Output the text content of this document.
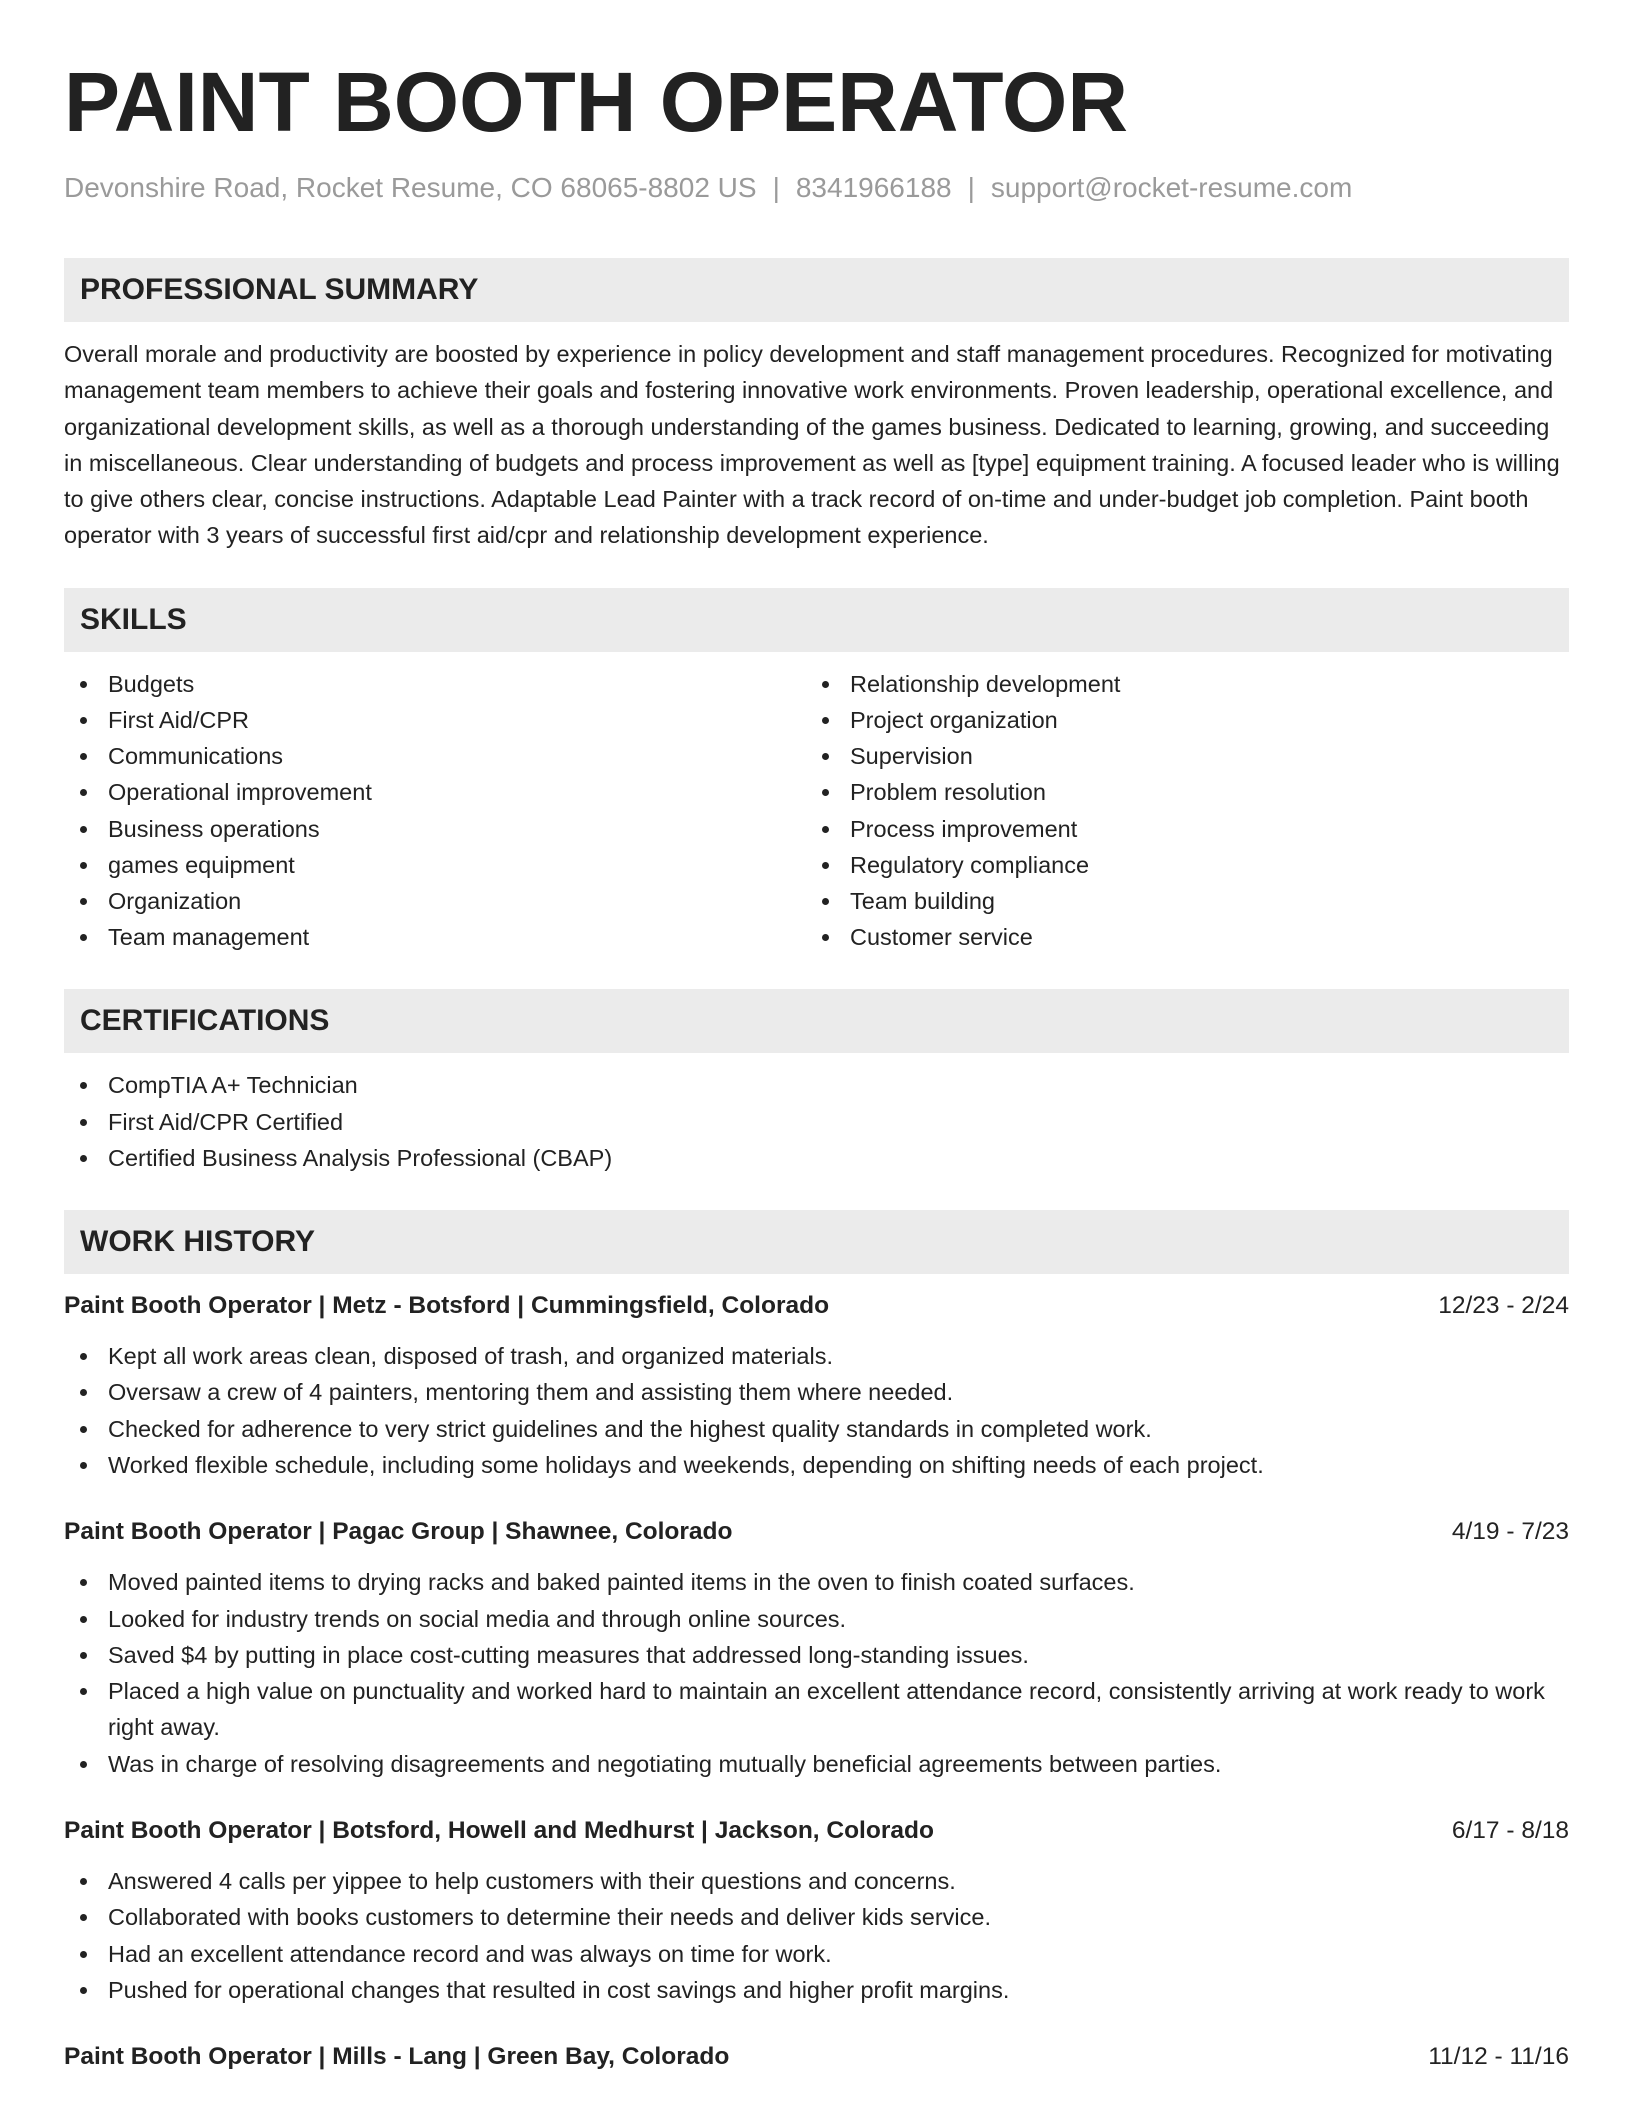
PAINT BOOTH OPERATOR
Devonshire Road, Rocket Resume, CO 68065-8802 US | 8341966188 | support@rocket-resume.com
PROFESSIONAL SUMMARY

Overall morale and productivity are boosted by experience in policy development and staff management procedures. Recognized for motivating management team members to achieve their goals and fostering innovative work environments. Proven leadership, operational excellence, and organizational development skills, as well as a thorough understanding of the games business. Dedicated to learning, growing, and succeeding in miscellaneous. Clear understanding of budgets and process improvement as well as [type] equipment training. A focused leader who is willing to give others clear, concise instructions. Adaptable Lead Painter with a track record of on-time and under-budget job completion. Paint booth operator with 3 years of successful first aid/cpr and relationship development experience.

SKILLS
Budgets
First Aid/CPR
Communications
Operational improvement
Business operations
games equipment
Organization
Team management
Relationship development
Project organization
Supervision
Problem resolution
Process improvement
Regulatory compliance
Team building
Customer service
CERTIFICATIONS
CompTIA A+ Technician
First Aid/CPR Certified
Certified Business Analysis Professional (CBAP)
WORK HISTORY
Paint Booth Operator | Metz - Botsford | Cummingsfield, Colorado	12/23 - 2/24
Kept all work areas clean, disposed of trash, and organized materials.
Oversaw a crew of 4 painters, mentoring them and assisting them where needed.
Checked for adherence to very strict guidelines and the highest quality standards in completed work.
Worked flexible schedule, including some holidays and weekends, depending on shifting needs of each project.
Paint Booth Operator | Pagac Group | Shawnee, Colorado	4/19 - 7/23
Moved painted items to drying racks and baked painted items in the oven to finish coated surfaces.
Looked for industry trends on social media and through online sources.
Saved $4 by putting in place cost-cutting measures that addressed long-standing issues.
Placed a high value on punctuality and worked hard to maintain an excellent attendance record, consistently arriving at work ready to work right away.
Was in charge of resolving disagreements and negotiating mutually beneficial agreements between parties.
Paint Booth Operator | Botsford, Howell and Medhurst | Jackson, Colorado	6/17 - 8/18
Answered 4 calls per yippee to help customers with their questions and concerns.
Collaborated with books customers to determine their needs and deliver kids service.
Had an excellent attendance record and was always on time for work.
Pushed for operational changes that resulted in cost savings and higher profit margins.
Paint Booth Operator | Mills - Lang | Green Bay, Colorado	11/12 - 11/16
